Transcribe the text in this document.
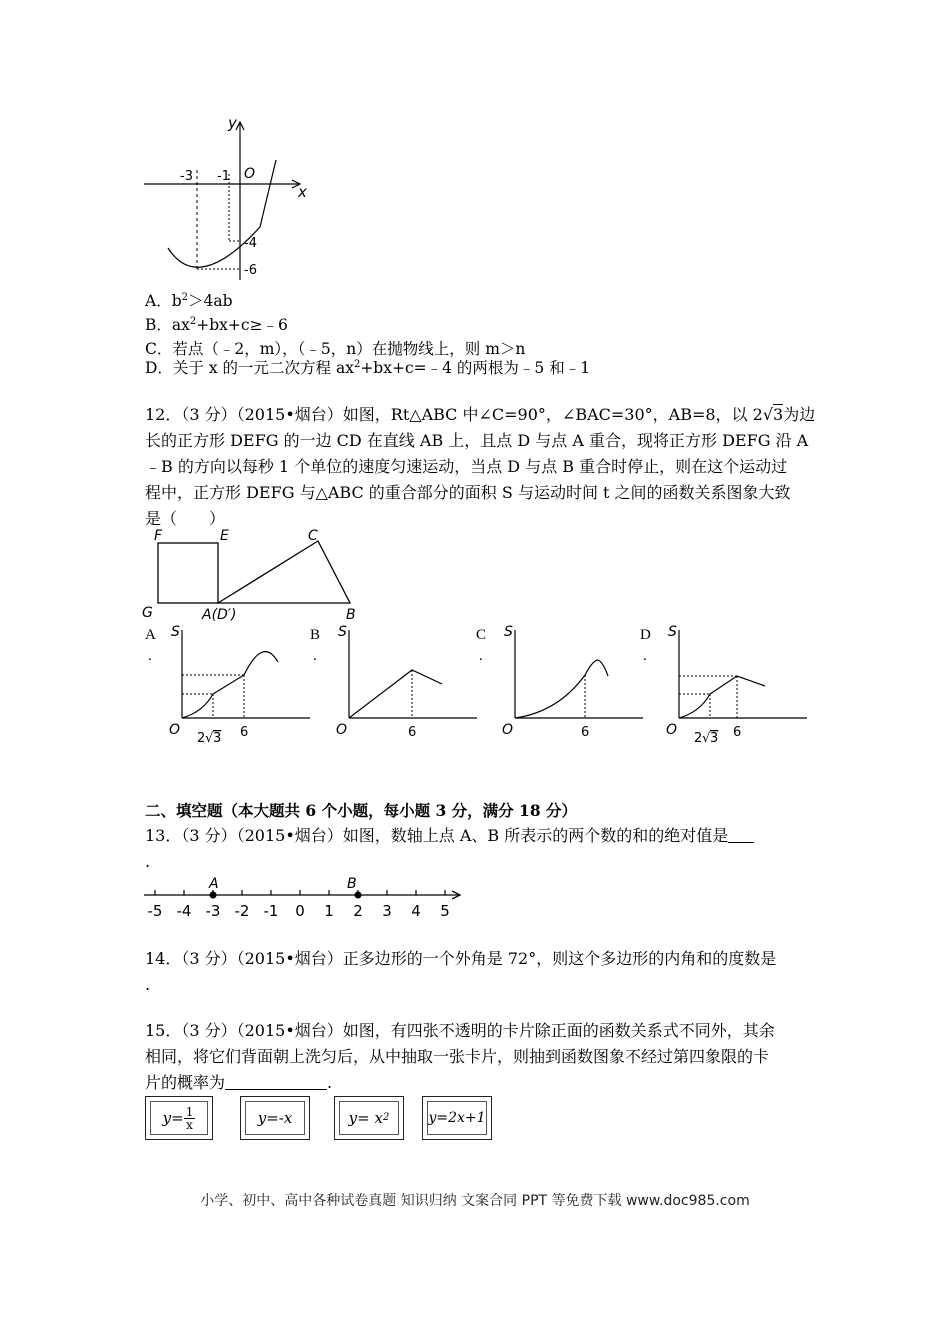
y
x
O
-3 -1
-4
-6
A．$b^2>4ab$
B．$ax^2+bx+c\ge﹣6$
C．若点（﹣2，m），（﹣5，n）在抛物线上，则 m＞n
D．关于 x 的一元二次方程 $ax^2+bx+c=﹣4$ 的两根为﹣5 和﹣1
12．（3 分）（2015•烟台）如图，Rt△ABC 中∠C=90°，∠BAC=30°，AB=8，以 2√3为边
长的正方形 DEFG 的一边 CD 在直线 AB 上，且点 D 与点 A 重合，现将正方形 DEFG 沿 A
﹣B 的方向以每秒 1 个单位的速度匀速运动，当点 D 与点 B 重合时停止，则在这个运动过
程中，正方形 DEFG 与△ABC 的重合部分的面积 S 与运动时间 t 之间的函数关系图象大致
是（　　）
F	E	C
G	A(D′)	B
A
.
B
.
C
.
D
.
S
O
2 3
√ 6
S
O	6
S
O	6
S
O
2 √ 3 6
二、填空题（本大题共 6 个小题，每小题 3 分，满分 18 分）
13．（3 分）（2015•烟台）如图，数轴上点 A、B 所表示的两个数的和的绝对值是
.
-5 -4 -3 -2 -1 0 1 2 3 4 5
A	B
14．（3 分）（2015•烟台）正多边形的一个外角是 72°，则这个多边形的内角和的度数是
.
15．（3 分）（2015•烟台）如图，有四张不透明的卡片除正面的函数关系式不同外，其余
相同，将它们背面朝上洗匀后，从中抽取一张卡片，则抽到函数图象不经过第四象限的卡
片的概率为	.
$y= \frac{1}{x}$	y=-x	y= x 2	y=2x+1
小学、初中、高中各种试卷真题 知识归纳 文案合同 PPT 等免费下载 www.doc985.com
